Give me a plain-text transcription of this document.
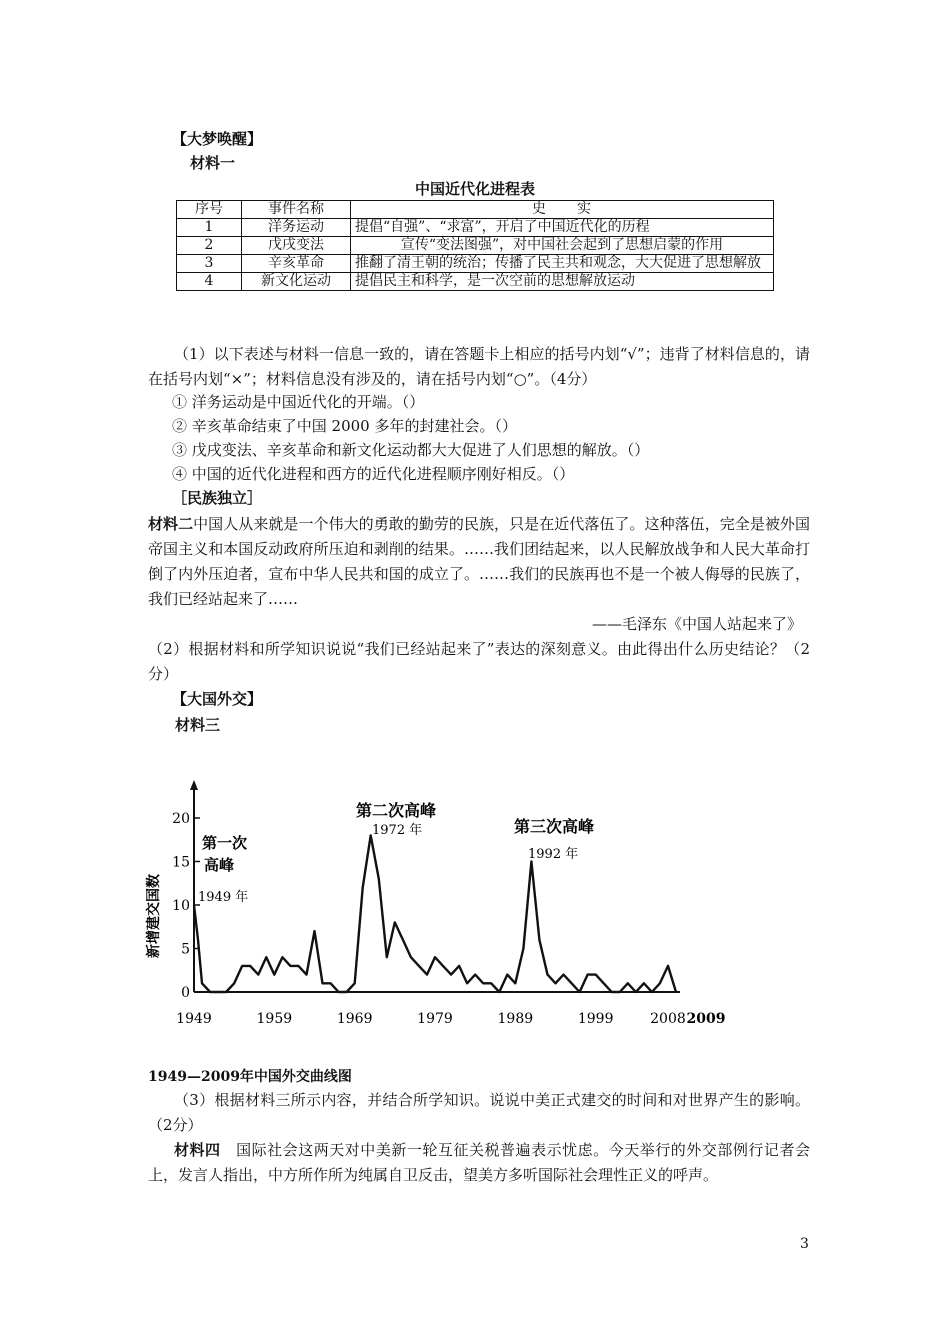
【大梦唤醒】
材料一
中国近代化进程表
序号	事件名称	史　　实
1	洋务运动	提倡“自强”、“求富”，开启了中国近代化的历程
2	戊戌变法	宣传“变法图强”，对中国社会起到了思想启蒙的作用
3	辛亥革命	推翻了清王朝的统治；传播了民主共和观念，大大促进了思想解放
4	新文化运动	提倡民主和科学，是一次空前的思想解放运动
（1）以下表述与材料一信息一致的，请在答题卡上相应的括号内划“√”；违背了材料信息的，请在括号内划“×”；材料信息没有涉及的，请在括号内划“○”。（4分）
① 洋务运动是中国近代化的开端。（）
② 辛亥革命结束了中国 2000 多年的封建社会。（）
③ 戊戌变法、辛亥革命和新文化运动都大大促进了人们思想的解放。（）
④ 中国的近代化进程和西方的近代化进程顺序刚好相反。（）
［民族独立］
材料二中国人从来就是一个伟大的勇敢的勤劳的民族，只是在近代落伍了。这种落伍，完全是被外国帝国主义和本国反动政府所压迫和剥削的结果。……我们团结起来，以人民解放战争和人民大革命打倒了内外压迫者，宣布中华人民共和国的成立了。……我们的民族再也不是一个被人侮辱的民族了，我们已经站起来了……
——毛泽东《中国人站起来了》
（2）根据材料和所学知识说说“我们已经站起来了”表达的深刻意义。由此得出什么历史结论？（2分）
【大国外交】
材料三
0
5
10
15
20
1949	1959	1969	1979	1989	1999	2008 2009
新增建交国数
第一次
高峰
1949 年
第二次高峰
1972 年	第三次高峰
1992 年
1949—2009年中国外交曲线图
（3）根据材料三所示内容，并结合所学知识。说说中美正式建交的时间和对世界产生的影响。（2分）
材料四　 国际社会这两天对中美新一轮互征关税普遍表示忧虑。今天举行的外交部例行记者会上，发言人指出，中方所作所为纯属自卫反击，望美方多听国际社会理性正义的呼声。
3
